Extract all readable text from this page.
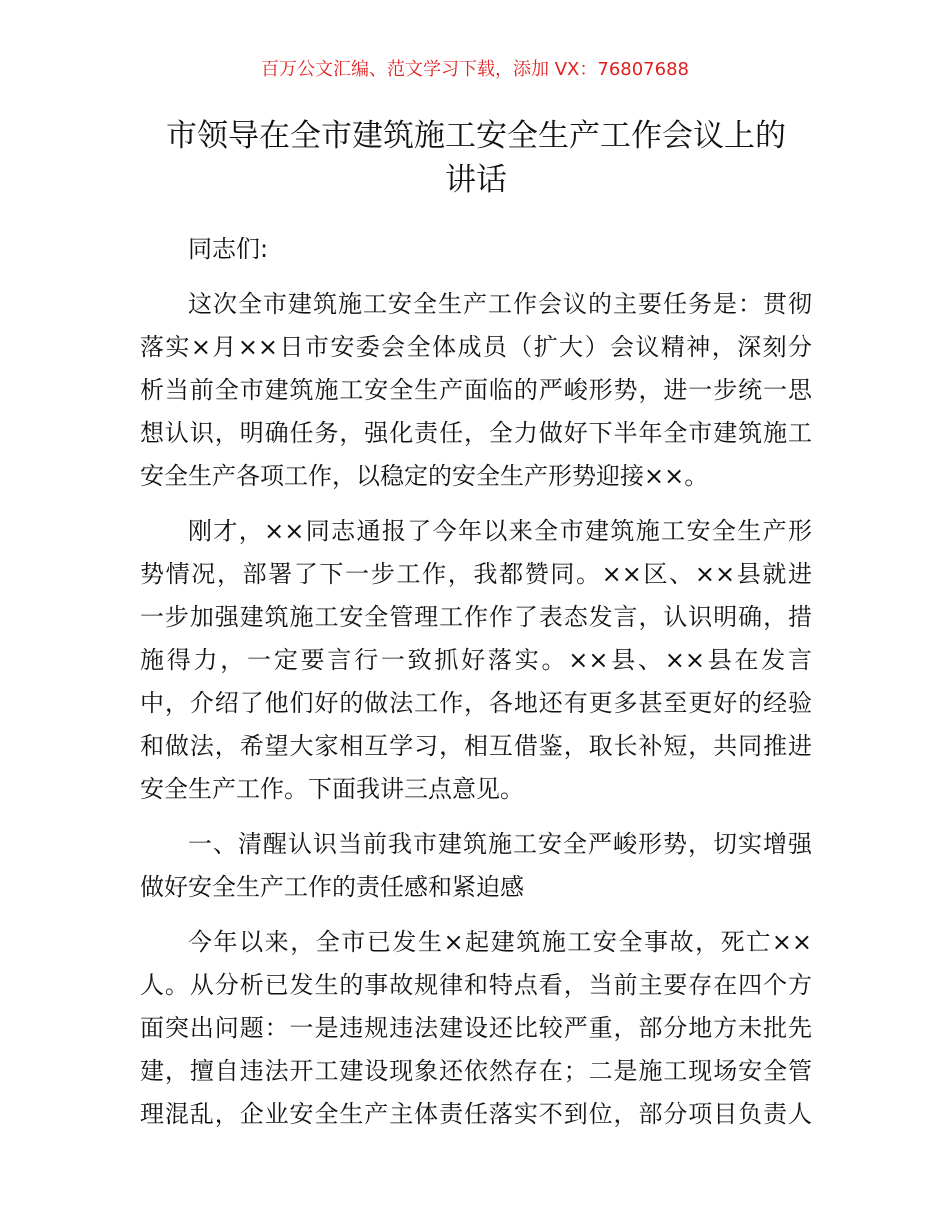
百万公文汇编、范文学习下载，添加 VX：76807688
市领导在全市建筑施工安全生产工作会议上的
讲话
同志们:
这次全市建筑施工安全生产工作会议的主要任务是：贯彻
落实×月××日市安委会全体成员（扩大）会议精神，深刻分
析当前全市建筑施工安全生产面临的严峻形势，进一步统一思
想认识，明确任务，强化责任，全力做好下半年全市建筑施工
安全生产各项工作，以稳定的安全生产形势迎接××。
刚才，××同志通报了今年以来全市建筑施工安全生产形
势情况，部署了下一步工作，我都赞同。××区、××县就进
一步加强建筑施工安全管理工作作了表态发言，认识明确，措
施得力，一定要言行一致抓好落实。××县、××县在发言
中，介绍了他们好的做法工作，各地还有更多甚至更好的经验
和做法，希望大家相互学习，相互借鉴，取长补短，共同推进
安全生产工作。下面我讲三点意见。
一、清醒认识当前我市建筑施工安全严峻形势，切实增强
做好安全生产工作的责任感和紧迫感
今年以来，全市已发生×起建筑施工安全事故，死亡××
人。从分析已发生的事故规律和特点看，当前主要存在四个方
面突出问题：一是违规违法建设还比较严重，部分地方未批先
建，擅自违法开工建设现象还依然存在；二是施工现场安全管
理混乱，企业安全生产主体责任落实不到位，部分项目负责人
